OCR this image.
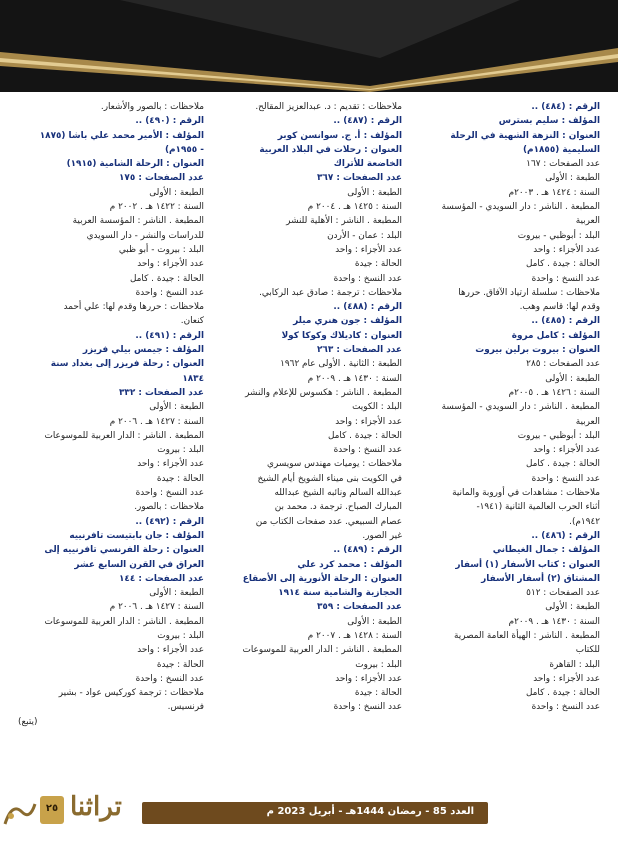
الرقم : (٤٨٤) ..
المؤلف : سليم بسترس
العنوان : النزهة الشهية في الرحلة
السليمية (١٨٥٥م)
عدد الصفحات : ١٦٧
الطبعة : الأولى
السنة : ١٤٢٤ هـ . ٢٠٠٣م
المطبعة . الناشر : دار السويدي - المؤسسة
العربية
البلد : أبوظبي - بيروت
عدد الأجزاء : واحد
الحالة : جيدة . كامل
عدد النسخ : واحدة
ملاحظات : سلسلة ارتياد الآفاق. حررها
وقدم لها: قاسم وهب.
الرقم : (٤٨٥) ..
المؤلف : كامل مروة
العنوان : بيروت برلين بيروت
عدد الصفحات : ٢٨٥
الطبعة : الأولى
السنة : ١٤٢٦ هـ . ٢٠٠٥م
المطبعة . الناشر : دار السويدي - المؤسسة
العربية
البلد : أبوظبي - بيروت
عدد الأجزاء : واحد
الحالة : جيدة . كامل
عدد النسخ : واحدة
ملاحظات : مشاهدات في أوروبة والمانية
أثناء الحرب العالمية الثانية (١٩٤١-
١٩٤٢م).
الرقم : (٤٨٦) ..
المؤلف : جمال الغيطاني
العنوان : كتاب الأسفار (١) أسفار
المشتاق (٢) أسفار الأسفار
عدد الصفحات : ٥١٢
الطبعة : الأولى
السنة : ١٤٣٠ هـ . ٢٠٠٩م
المطبعة . الناشر : الهيأة العامة المصرية
للكتاب
البلد : القاهرة
عدد الأجزاء : واحد
الحالة : جيدة . كامل
عدد النسخ : واحدة
ملاحظات : تقديم : د. عبدالعزيز المقالح.
الرقم : (٤٨٧) ..
المؤلف : أ. ج. سوانسن كوبر
العنوان : رحلات في البلاد العربية
الخاضعة للأتراك
عدد الصفحات : ٣٦٧
الطبعة : الأولى
السنة : ١٤٢٥ هـ . ٢٠٠٤ م
المطبعة . الناشر : الأهلية للنشر
البلد : عمان - الأردن
عدد الأجزاء : واحد
الحالة : جيدة
عدد النسخ : واحدة
ملاحظات : ترجمة : صادق عبد الركابي.
الرقم : (٤٨٨) ..
المؤلف : جون هنري ميلر
العنوان : كاديلاك وكوكا كولا
عدد الصفحات : ٢٦٣
الطبعة : الثانية . الأولى عام ١٩٦٢
السنة : ١٤٣٠ هـ . ٢٠٠٩ م
المطبعة . الناشر : هكسوس للإعلام والنشر
البلد : الكويت
عدد الأجزاء : واحد
الحالة : جيدة . كامل
عدد النسخ : واحدة
ملاحظات : يوميات مهندس سويسري
في الكويت بنى ميناء الشويخ أيام الشيخ
عبدالله السالم ونائبه الشيخ عبدالله
المبارك الصباح. ترجمة د. محمد بن
عصام السبيعي. عدد صفحات الكتاب من
غير الصور.
الرقم : (٤٨٩) ..
المؤلف : محمد كرد علي
العنوان : الرحلة الأنورية إلى الأصقاع
الحجازية والشامية سنة ١٩١٤
عدد الصفحات : ٣٥٩
الطبعة : الأولى
السنة : ١٤٢٨ هـ . ٢٠٠٧ م
المطبعة . الناشر : الدار العربية للموسوعات
البلد : بيروت
عدد الأجزاء : واحد
الحالة : جيدة
عدد النسخ : واحدة
ملاحظات : بالصور والأشعار.
الرقم : (٤٩٠) ..
المؤلف : الأمير محمد علي باشا (١٨٧٥
- ١٩٥٥م)
العنوان : الرحلة الشامية (١٩١٥)
عدد الصفحات : ١٧٥
الطبعة : الأولى
السنة : ١٤٢٢ هـ . ٢٠٠٢ م
المطبعة . الناشر : المؤسسة العربية
للدراسات والنشر - دار السويدي
البلد : بيروت - أبو ظبي
عدد الأجزاء : واحد
الحالة : جيدة . كامل
عدد النسخ : واحدة
ملاحظات : حررها وقدم لها: علي أحمد
كنعان.
الرقم : (٤٩١) ..
المؤلف : جيمس بيلي فريزر
العنوان : رحلة فريزر إلى بغداد سنة
١٨٣٤
عدد الصفحات : ٣٣٢
الطبعة : الأولى
السنة : ١٤٢٧ هـ . ٢٠٠٦ م
المطبعة . الناشر : الدار العربية للموسوعات
البلد : بيروت
عدد الأجزاء : واحد
الحالة : جيدة
عدد النسخ : واحدة
ملاحظات : بالصور.
الرقم : (٤٩٢) ..
المؤلف : جان بابتيست تافرنييه
العنوان : رحلة الفرنسي تافرنييه إلى
العراق في القرن السابع عشر
عدد الصفحات : ١٤٤
الطبعة : الأولى
السنة : ١٤٢٧ هـ . ٢٠٠٦ م
المطبعة . الناشر : الدار العربية للموسوعات
البلد : بيروت
عدد الأجزاء : واحد
الحالة : جيدة
عدد النسخ : واحدة
ملاحظات : ترجمة كوركيس عواد - بشير
فرنسيس.
(يتبع)
٢٥ تراثنا	العدد 85 - رمضان 1444هـ - أبريل 2023 م
